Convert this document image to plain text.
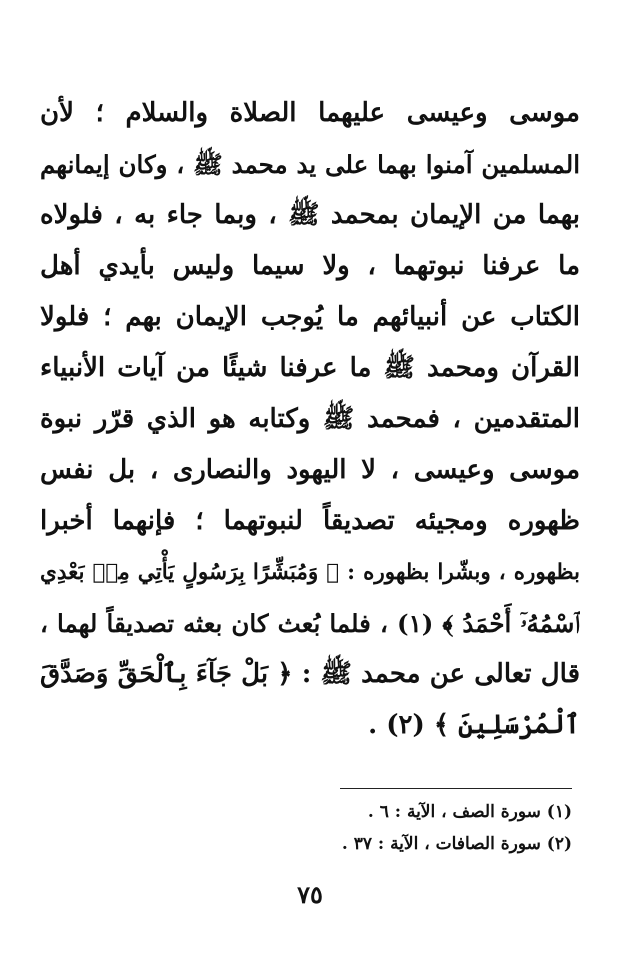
موسى وعيسى عليهما الصلاة والسلام ؛ لأن
المسلمين آمنوا بهما على يد محمد ﷺ ، وكان إيمانهم
بهما من الإيمان بمحمد ﷺ ، وبما جاء به ، فلولاه
ما عرفنا نبوتهما ، ولا سيما وليس بأيدي أهل
الكتاب عن أنبيائهم ما يُوجب الإيمان بهم ؛ فلولا
القرآن ومحمد ﷺ ما عرفنا شيئًا من آيات الأنبياء
المتقدمين ، فمحمد ﷺ وكتابه هو الذي قرّر نبوة
موسى وعيسى ، لا اليهود والنصارى ، بل نفس
ظهوره ومجيئه تصديقاً لنبوتهما ؛ فإنهما أخبرا
بظهوره ، وبشّرا بظهوره : ﴿ وَمُبَشِّرًا بِرَسُولٍ يَأْتِي مِنۢ بَعْدِي
ٱسْمُهُۥٓ أَحْمَدُ ﴾ (١) ، فلما بُعث كان بعثه تصديقاً لهما ،
قال تعالى عن محمد ﷺ : ﴿ بَلْ جَآءَ بِٱلْحَقِّ وَصَدَّقَ
ٱلْمُرْسَلِينَ ﴾ (٢) .
(١) سورة الصف ، الآية : ٦ .
(٢) سورة الصافات ، الآية : ٣٧ .
٧٥
